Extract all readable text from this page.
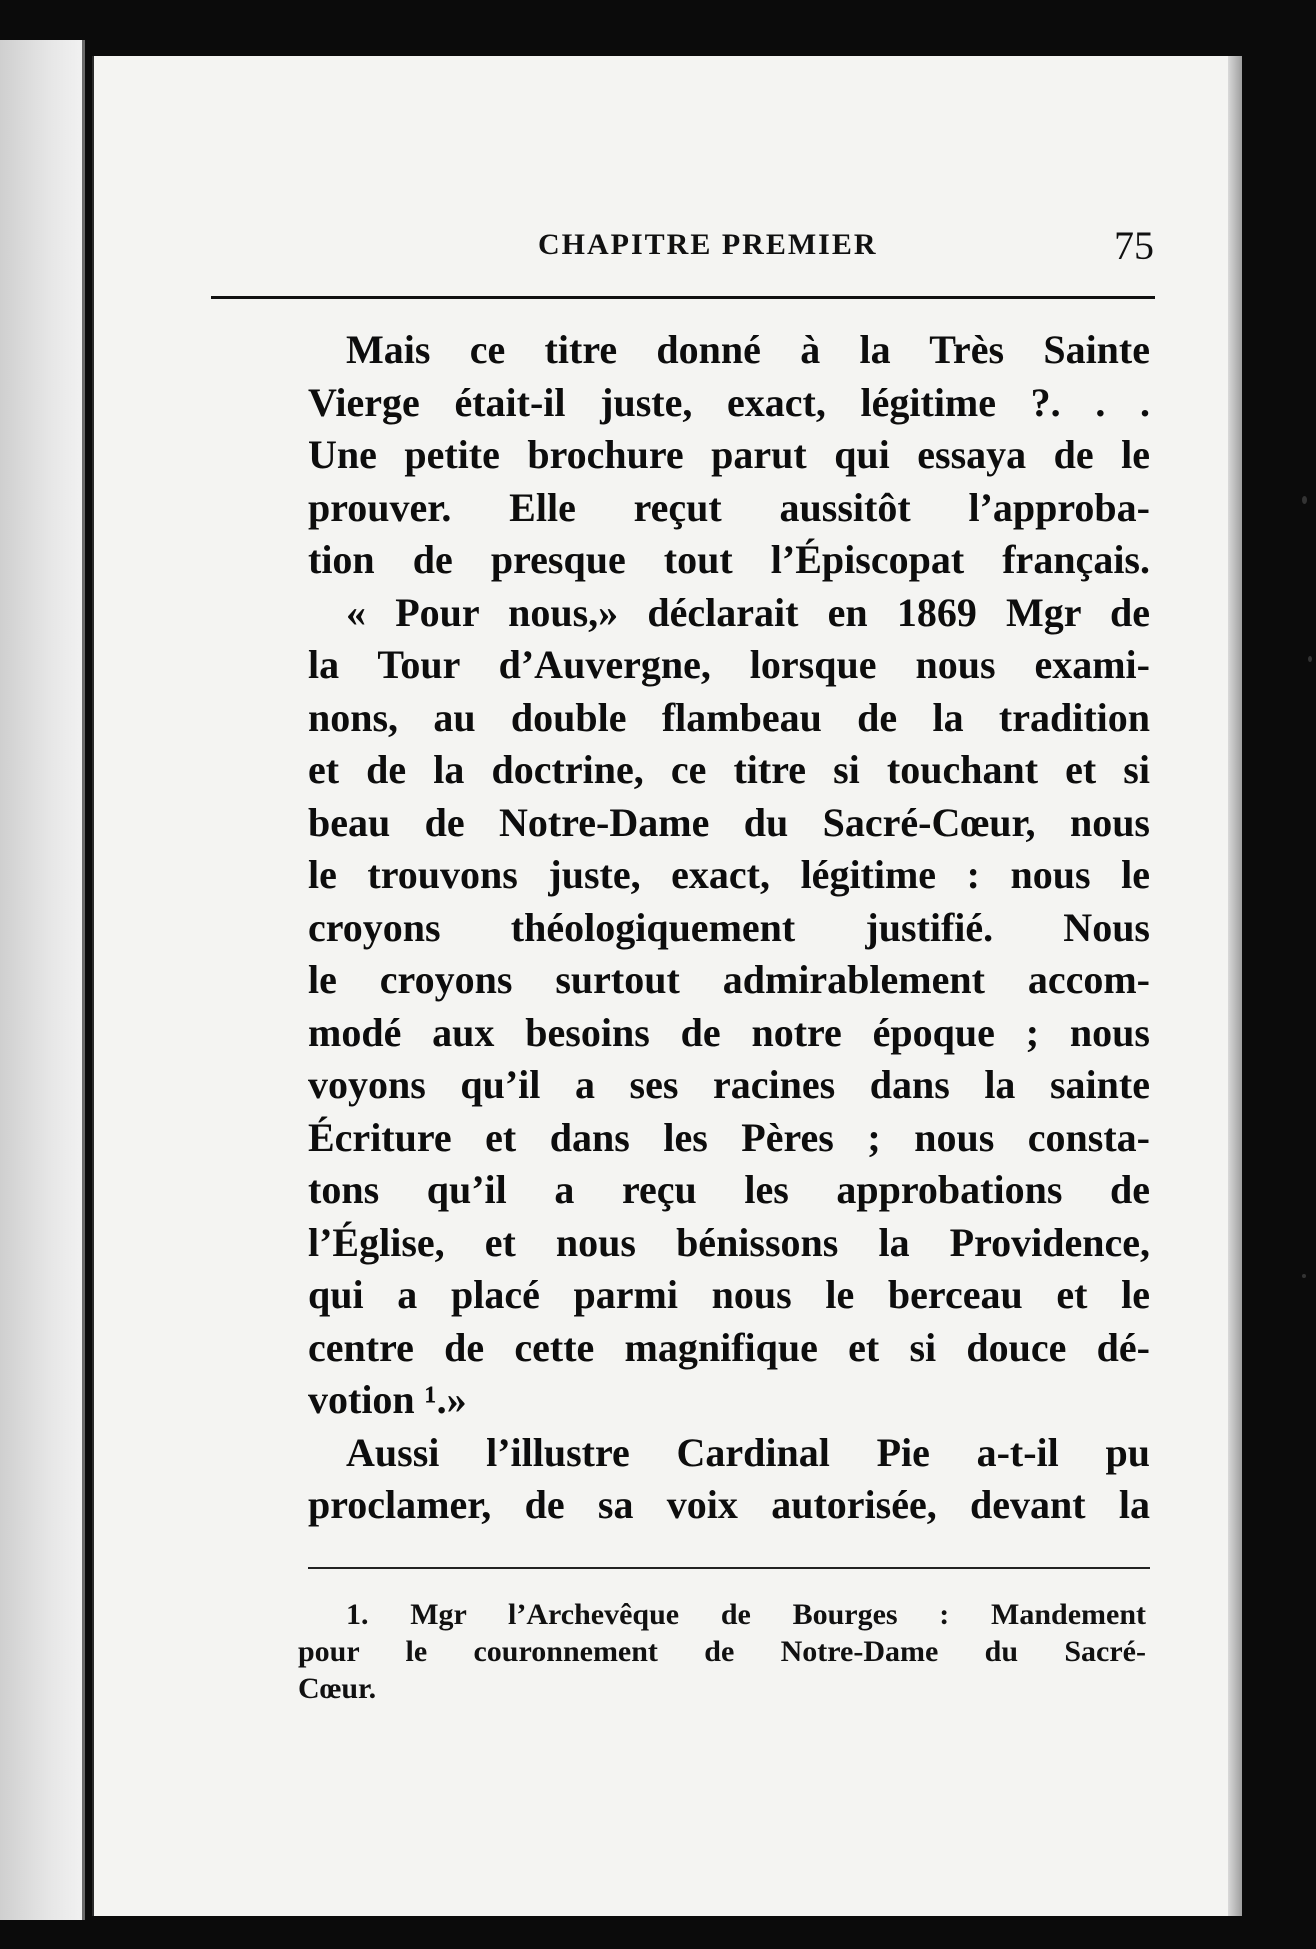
CHAPITRE PREMIER	75
Mais ce titre donné à la Très Sainte
Vierge était-il juste, exact, légitime ?. . .
Une petite brochure parut qui essaya de le
prouver. Elle reçut aussitôt l’approba-
tion de presque tout l’Épiscopat français.
« Pour nous,» déclarait en 1869 Mgr de
la Tour d’Auvergne, lorsque nous exami-
nons, au double flambeau de la tradition
et de la doctrine, ce titre si touchant et si
beau de Notre-Dame du Sacré-Cœur, nous
le trouvons juste, exact, légitime : nous le
croyons théologiquement justifié. Nous
le croyons surtout admirablement accom-
modé aux besoins de notre époque ; nous
voyons qu’il a ses racines dans la sainte
Écriture et dans les Pères ; nous consta-
tons qu’il a reçu les approbations de
l’Église, et nous bénissons la Providence,
qui a placé parmi nous le berceau et le
centre de cette magnifique et si douce dé-
votion ¹.»
Aussi l’illustre Cardinal Pie a-t-il pu
proclamer, de sa voix autorisée, devant la
1. Mgr l’Archevêque de Bourges : Mandement
pour le couronnement de Notre-Dame du Sacré-
Cœur.
